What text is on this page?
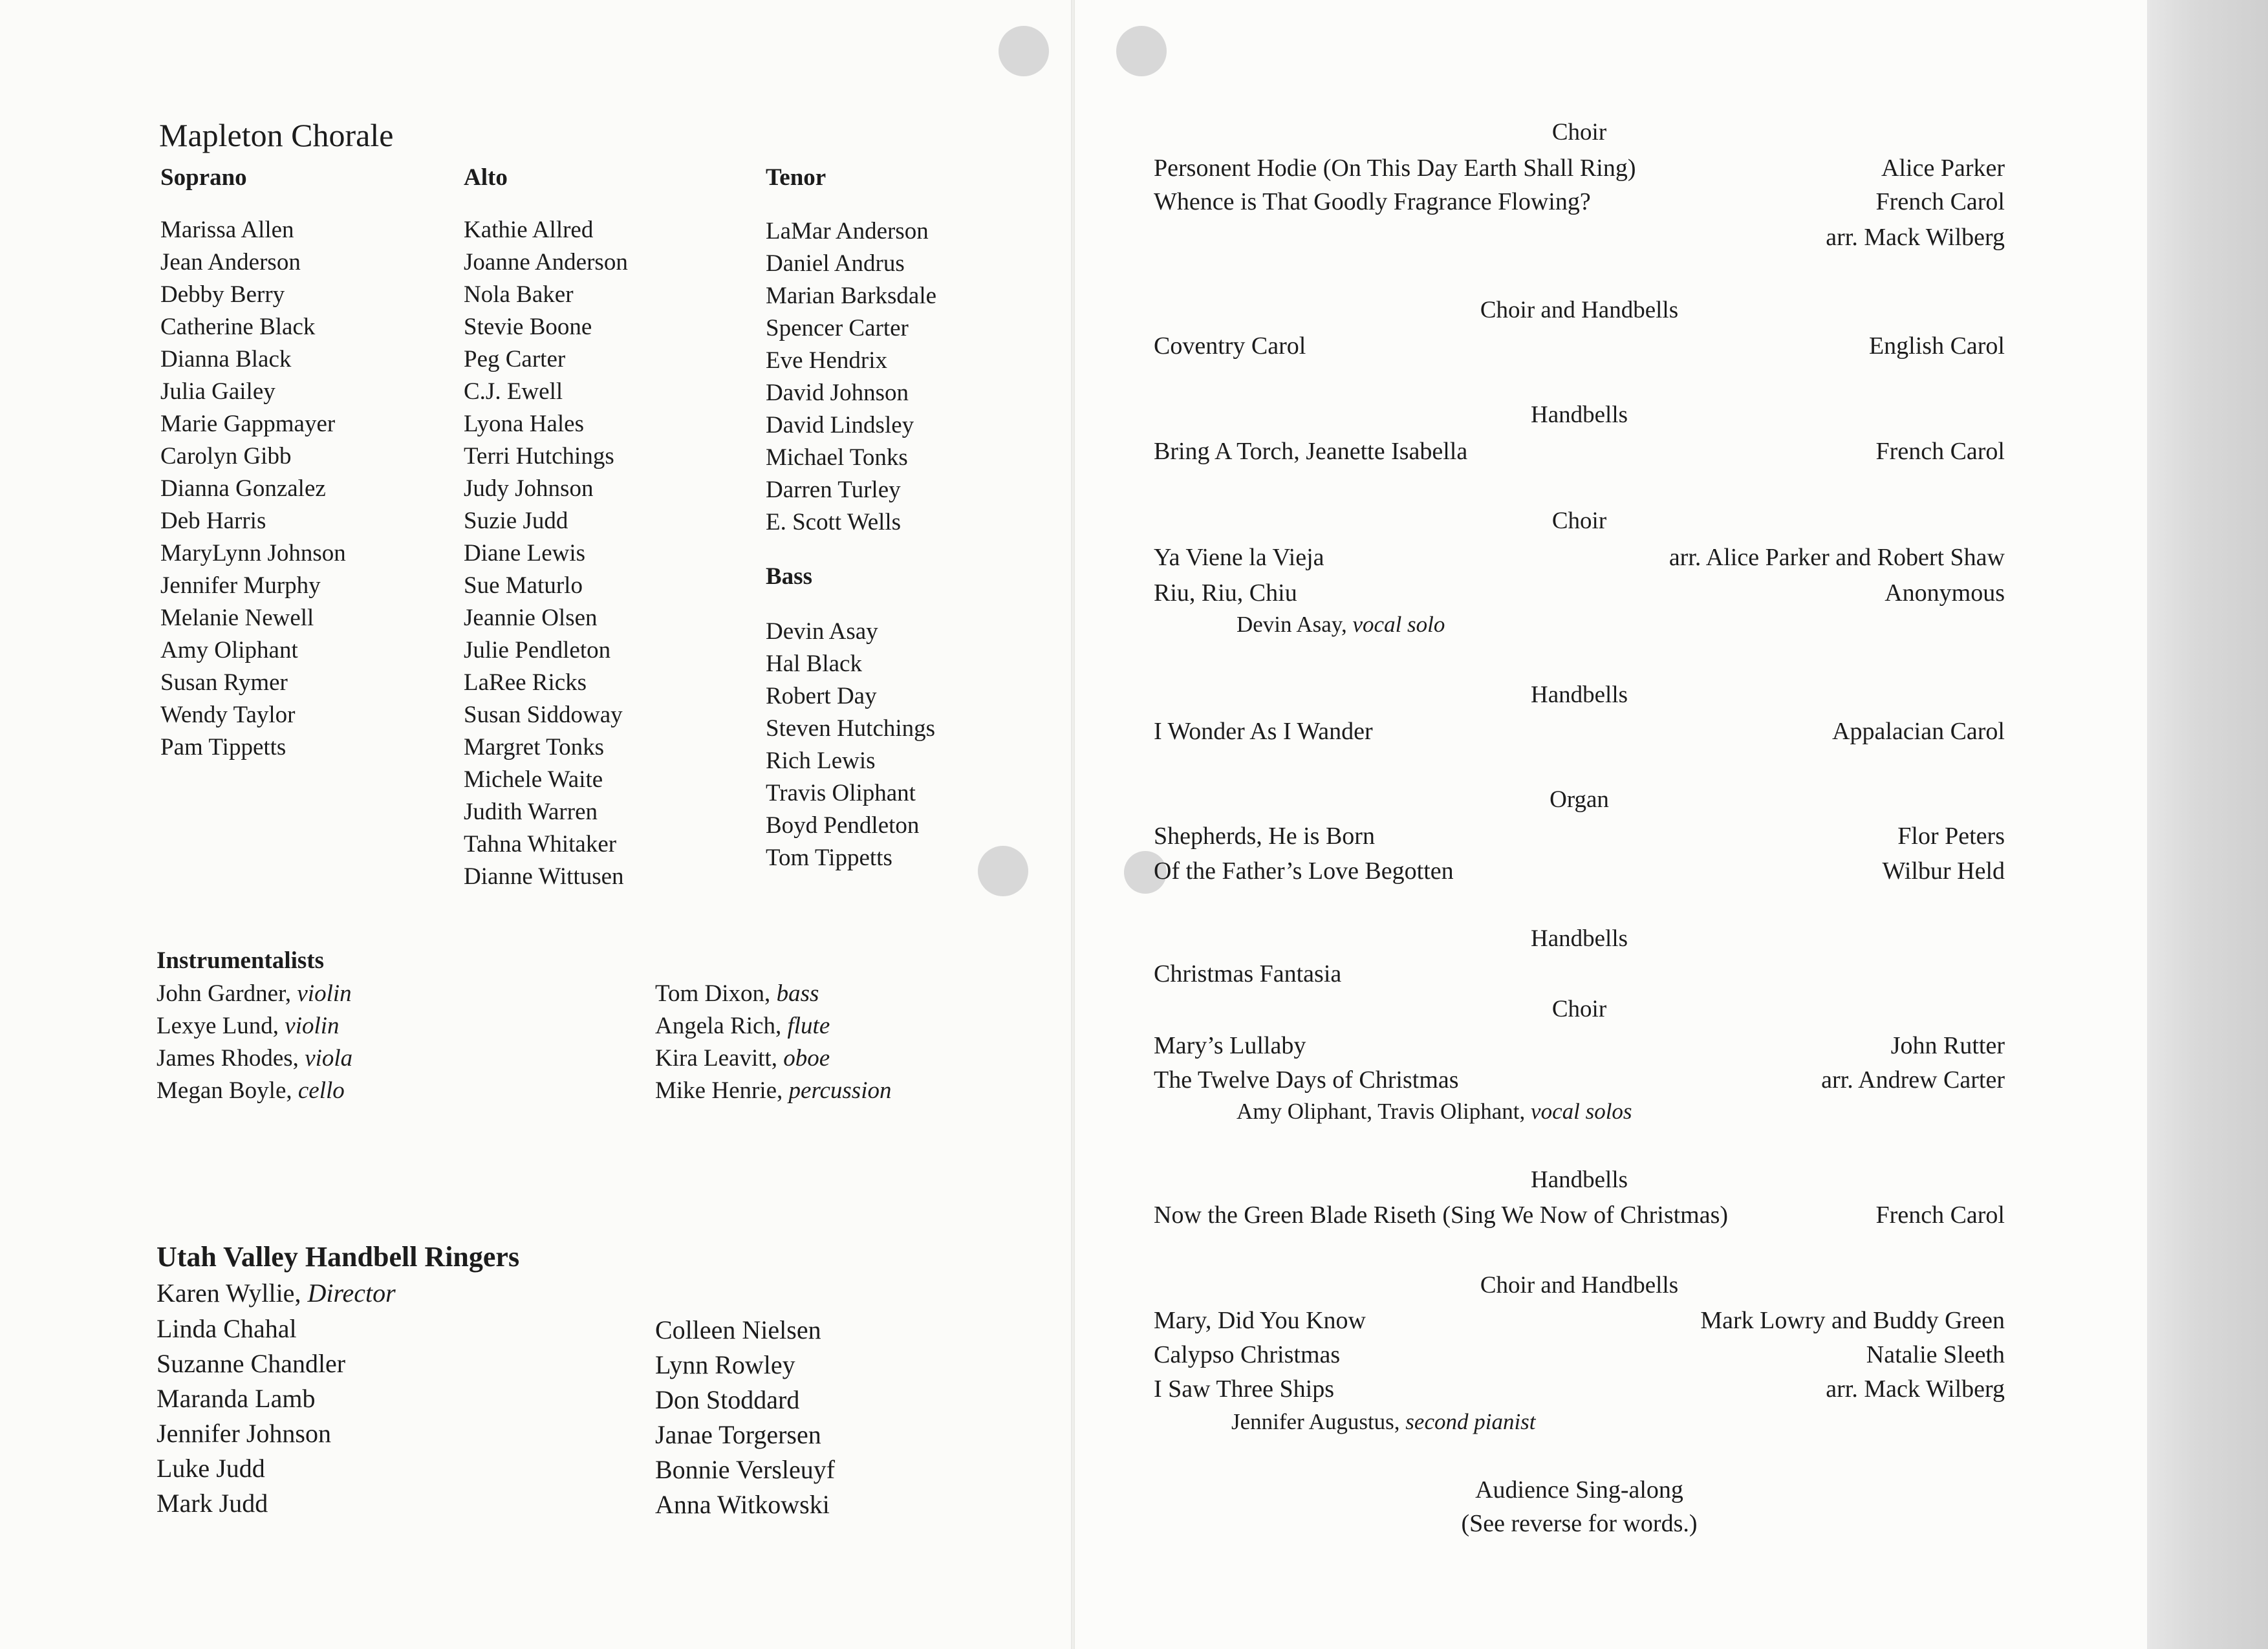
Mapleton Chorale
Soprano
Marissa Allen
Jean Anderson
Debby Berry
Catherine Black
Dianna Black
Julia Gailey
Marie Gappmayer
Carolyn Gibb
Dianna Gonzalez
Deb Harris
MaryLynn Johnson
Jennifer Murphy
Melanie Newell
Amy Oliphant
Susan Rymer
Wendy Taylor
Pam Tippetts
Alto
Kathie Allred
Joanne Anderson
Nola Baker
Stevie Boone
Peg Carter
C.J. Ewell
Lyona Hales
Terri Hutchings
Judy Johnson
Suzie Judd
Diane Lewis
Sue Maturlo
Jeannie Olsen
Julie Pendleton
LaRee Ricks
Susan Siddoway
Margret Tonks
Michele Waite
Judith Warren
Tahna Whitaker
Dianne Wittusen
Tenor
LaMar Anderson
Daniel Andrus
Marian Barksdale
Spencer Carter
Eve Hendrix
David Johnson
David Lindsley
Michael Tonks
Darren Turley
E. Scott Wells
Bass
Devin Asay
Hal Black
Robert Day
Steven Hutchings
Rich Lewis
Travis Oliphant
Boyd Pendleton
Tom Tippetts
Instrumentalists
John Gardner, violin
Lexye Lund, violin
James Rhodes, viola
Megan Boyle, cello
Tom Dixon, bass
Angela Rich, flute
Kira Leavitt, oboe
Mike Henrie, percussion
Utah Valley Handbell Ringers
Karen Wyllie, Director
Linda Chahal
Suzanne Chandler
Maranda Lamb
Jennifer Johnson
Luke Judd
Mark Judd
Colleen Nielsen
Lynn Rowley
Don Stoddard
Janae Torgersen
Bonnie Versleuyf
Anna Witkowski
Choir
Personent Hodie (On This Day Earth Shall Ring)	Alice Parker
Whence is That Goodly Fragrance Flowing?	French Carol
arr. Mack Wilberg
Choir and Handbells
Coventry Carol	English Carol
Handbells
Bring A Torch, Jeanette Isabella	French Carol
Choir
Ya Viene la Vieja	arr. Alice Parker and Robert Shaw
Riu, Riu, Chiu	Anonymous
Devin Asay, vocal solo
Handbells
I Wonder As I Wander	Appalacian Carol
Organ
Shepherds, He is Born	Flor Peters
Of the Father’s Love Begotten	Wilbur Held
Handbells
Christmas Fantasia
Choir
Mary’s Lullaby	John Rutter
The Twelve Days of Christmas	arr. Andrew Carter
Amy Oliphant, Travis Oliphant, vocal solos
Handbells
Now the Green Blade Riseth (Sing We Now of Christmas)	French Carol
Choir and Handbells
Mary, Did You Know	Mark Lowry and Buddy Green
Calypso Christmas	Natalie Sleeth
I Saw Three Ships	arr. Mack Wilberg
Jennifer Augustus, second pianist
Audience Sing-along
(See reverse for words.)
